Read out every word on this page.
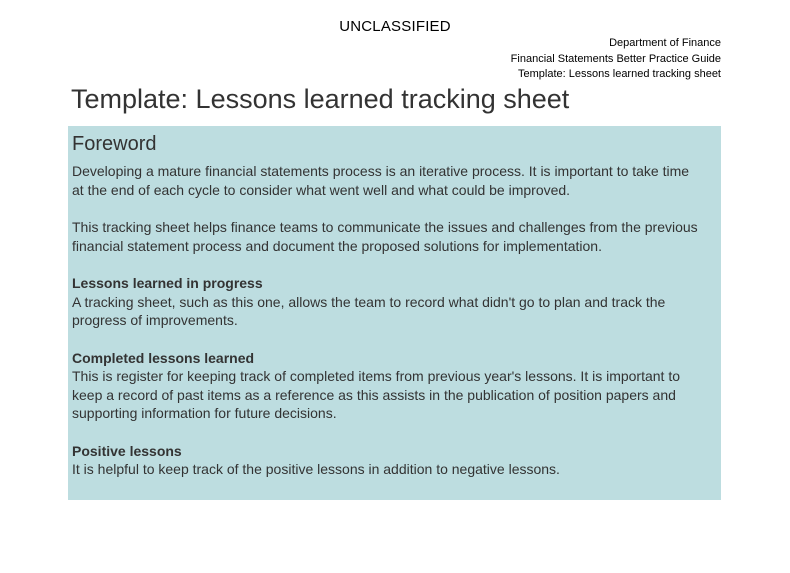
UNCLASSIFIED
Department of Finance
Financial Statements Better Practice Guide
Template: Lessons learned tracking sheet
Template: Lessons learned tracking sheet
Foreword

Developing a mature financial statements process is an iterative process. It is important to take time at the end of each cycle to consider what went well and what could be improved.

This tracking sheet helps finance teams to communicate the issues and challenges from the previous financial statement process and document the proposed solutions for implementation.

Lessons learned in progress

A tracking sheet, such as this one, allows the team to record what didn't go to plan and track the progress of improvements.

Completed lessons learned

This is register for keeping track of completed items from previous year's lessons. It is important to keep a record of past items as a reference as this assists in the publication of position papers and supporting information for future decisions.

Positive lessons

It is helpful to keep track of the positive lessons in addition to negative lessons.
